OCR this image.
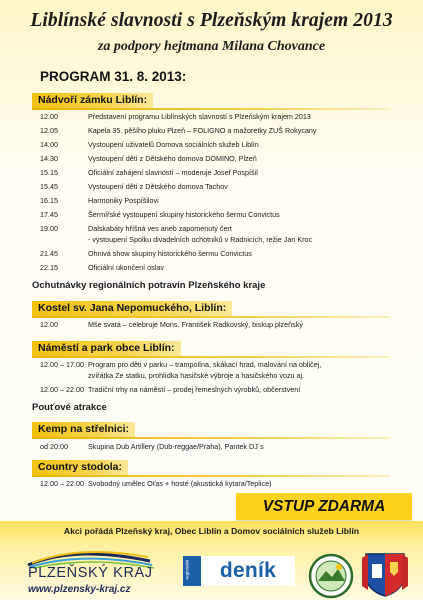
Liblínské slavnosti s Plzeňským krajem 2013
za podpory hejtmana Milana Chovance
PROGRAM 31. 8. 2013:
Nádvoří zámku Liblín:
12.00	Představení programu Liblínských slavností s Plzeňským krajem 2013
12.05	Kapela 35. pěšího pluku Plzeň – FOLIGNO a mažoretky ZUŠ Rokycany
14.00	Vystoupení uživatelů Domova sociálních služeb Liblín
14.30	Vystoupení dětí z Dětského domova DOMINO, Plzeň
15.15	Oficiální zahájení slavností – moderuje Josef Pospíšil
15.45	Vystoupení dětí z Dětského domova Tachov
16.15	Harmoniky Pospíšilovi
17.45	Šermířské vystoupení skupiny historického šermu Convictus
19.00	Dalskabáty hříšná ves aneb zapomenutý čert
- vystoupení Spolku divadelních ochotníků v Radnicích, režie Jan Kroc
21.45	Ohnivá show skupiny historického šermu Convictus
22.15	Oficiální ukončení oslav
Ochutnávky regionálních potravin Plzeňského kraje
Kostel sv. Jana Nepomuckého, Liblín:
12.00	Mše svatá – celebruje Mons. František Radkovský, biskup plzeňský
Náměstí a park obce Liblín:
12.00 – 17.00 Program pro děti v parku – trampolína, skákací hrad, malování na obličej,
zvířátka Ze statku, prohlídka hasičské výbroje a hasičského vozu aj.
12.00 – 22.00 Tradiční trhy na náměstí – prodej řemeslných výrobků, občerstvení
Pouťové atrakce
Kemp na střelnici:
od 20:00	Skupina Dub Artillery (Dub-reggae/Praha), Pantek DJ´s
Country stodola:
12.00 – 22.00 Svobodný umělec Oťas + hosté (akustická kytara/Teplice)
VSTUP ZDARMA
Akci pořádá Plzeňský kraj, Obec Liblín a Domov sociálních služeb Liblín
PLZEŇSKÝ KRAJ
www.plzensky-kraj.cz
regionální	deník
